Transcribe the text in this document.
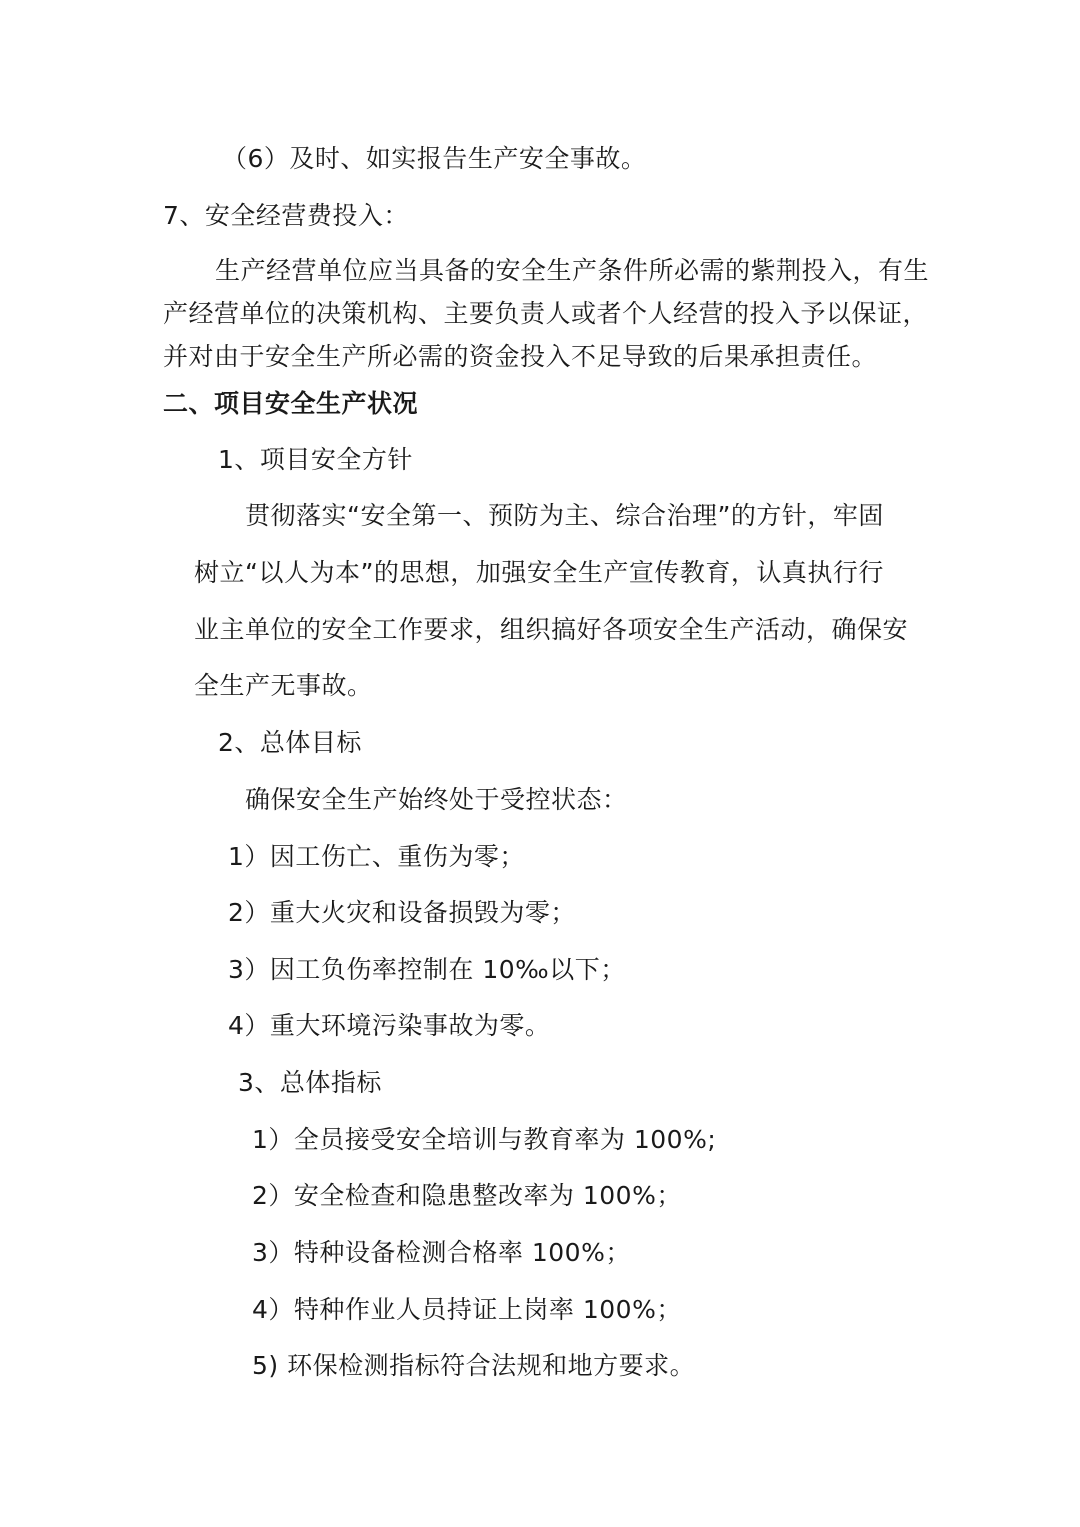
（6）及时、如实报告生产安全事故。
7、安全经营费投入：
生产经营单位应当具备的安全生产条件所必需的紫荆投入，有生
产经营单位的决策机构、主要负责人或者个人经营的投入予以保证，
并对由于安全生产所必需的资金投入不足导致的后果承担责任。
二、项目安全生产状况
1、项目安全方针
贯彻落实“安全第一、预防为主、综合治理”的方针，牢固
树立“以人为本”的思想，加强安全生产宣传教育，认真执行行
业主单位的安全工作要求，组织搞好各项安全生产活动，确保安
全生产无事故。
2、总体目标
确保安全生产始终处于受控状态：
1）因工伤亡、重伤为零；
2）重大火灾和设备损毁为零；
3）因工负伤率控制在 10‰以下；
4）重大环境污染事故为零。
3、总体指标
1）全员接受安全培训与教育率为 100%;
2）安全检查和隐患整改率为 100%；
3）特种设备检测合格率 100%；
4）特种作业人员持证上岗率 100%；
5) 环保检测指标符合法规和地方要求。
